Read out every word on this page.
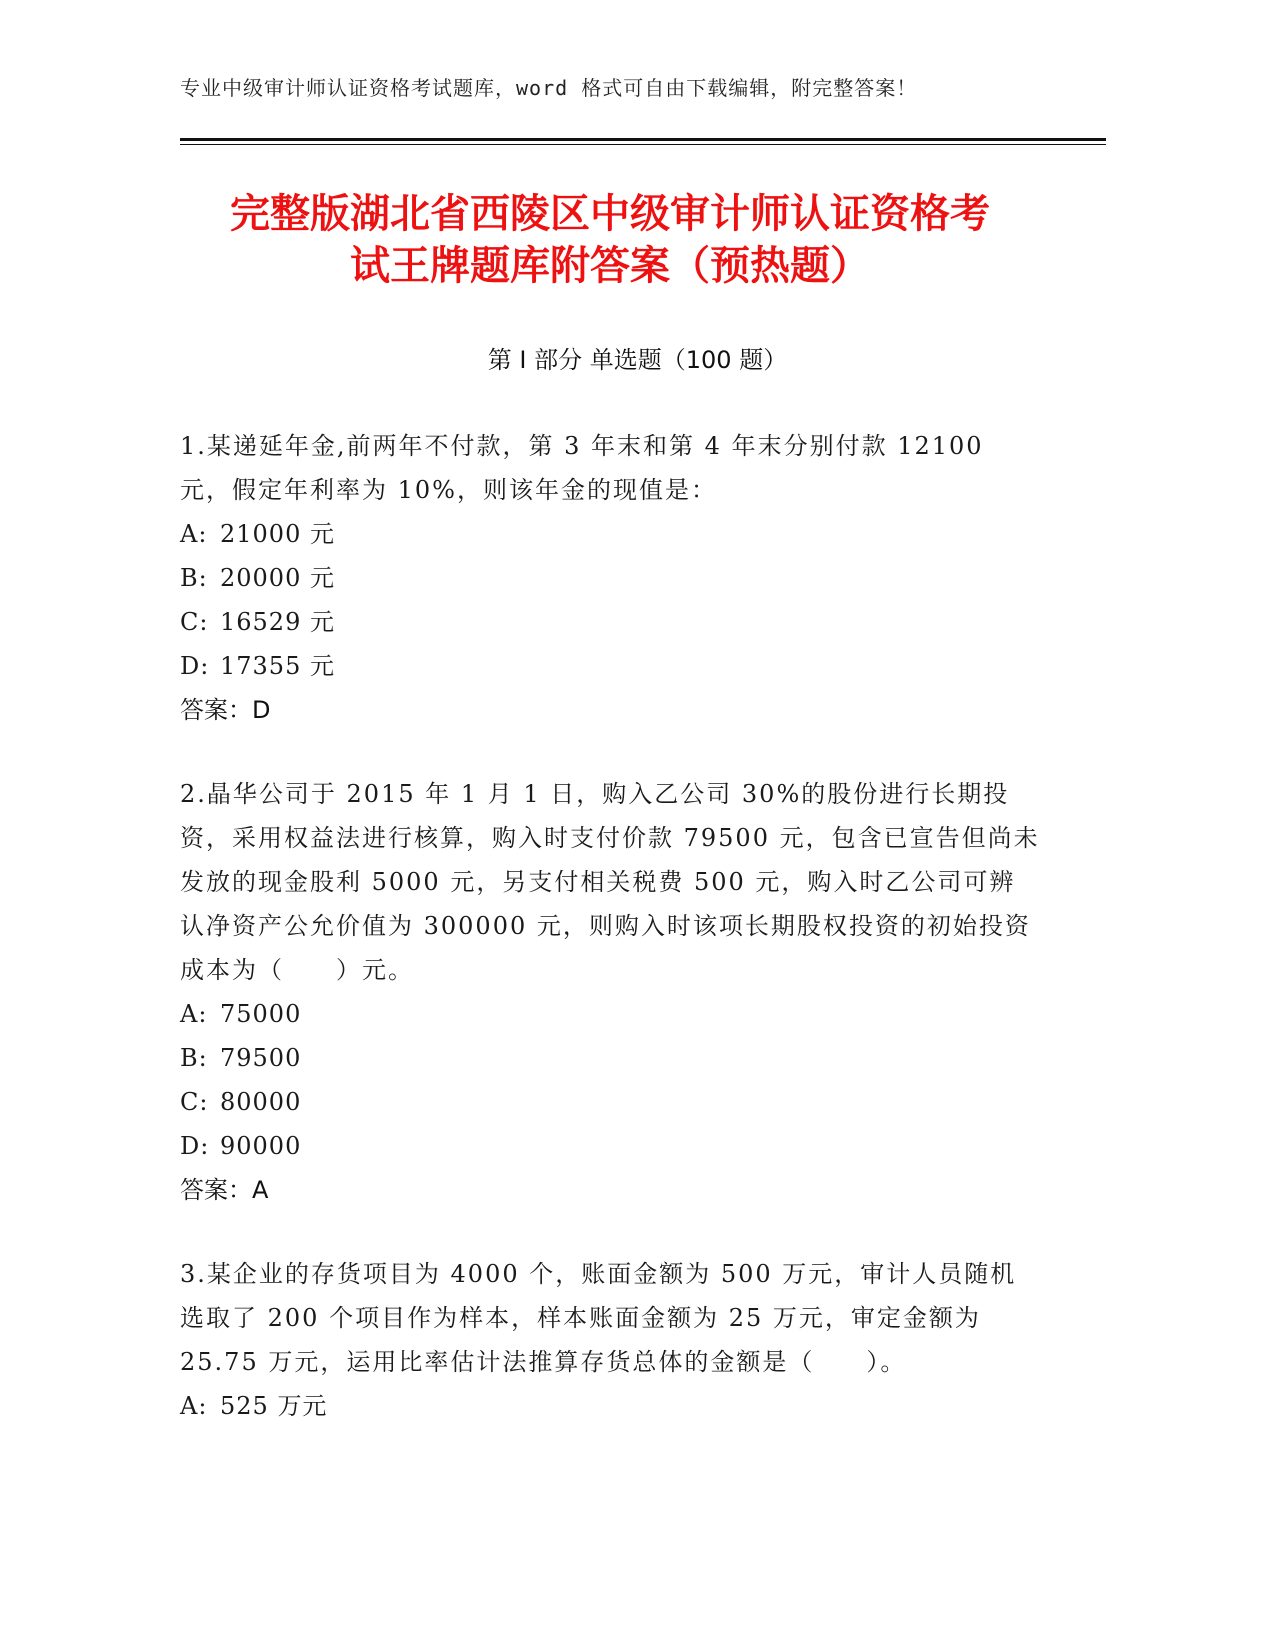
专业中级审计师认证资格考试题库，word 格式可自由下载编辑，附完整答案！
完整版湖北省西陵区中级审计师认证资格考
试王牌题库附答案（预热题）
第 I 部分 单选题（100 题）

1.某递延年金,前两年不付款，第 3 年末和第 4 年末分别付款 12100 元，假定年利率为 10%，则该年金的现值是：

A: 21000 元

B: 20000 元

C: 16529 元

D: 17355 元

答案：D

2.晶华公司于 2015 年 1 月 1 日，购入乙公司 30%的股份进行长期投资，采用权益法进行核算，购入时支付价款 79500 元，包含已宣告但尚未发放的现金股利 5000 元，另支付相关税费 500 元，购入时乙公司可辨认净资产公允价值为 300000 元，则购入时该项长期股权投资的初始投资成本为（　　）元。

A: 75000

B: 79500

C: 80000

D: 90000

答案：A

3.某企业的存货项目为 4000 个，账面金额为 500 万元，审计人员随机选取了 200 个项目作为样本，样本账面金额为 25 万元，审定金额为 25.75 万元，运用比率估计法推算存货总体的金额是（　　）。

A: 525 万元
